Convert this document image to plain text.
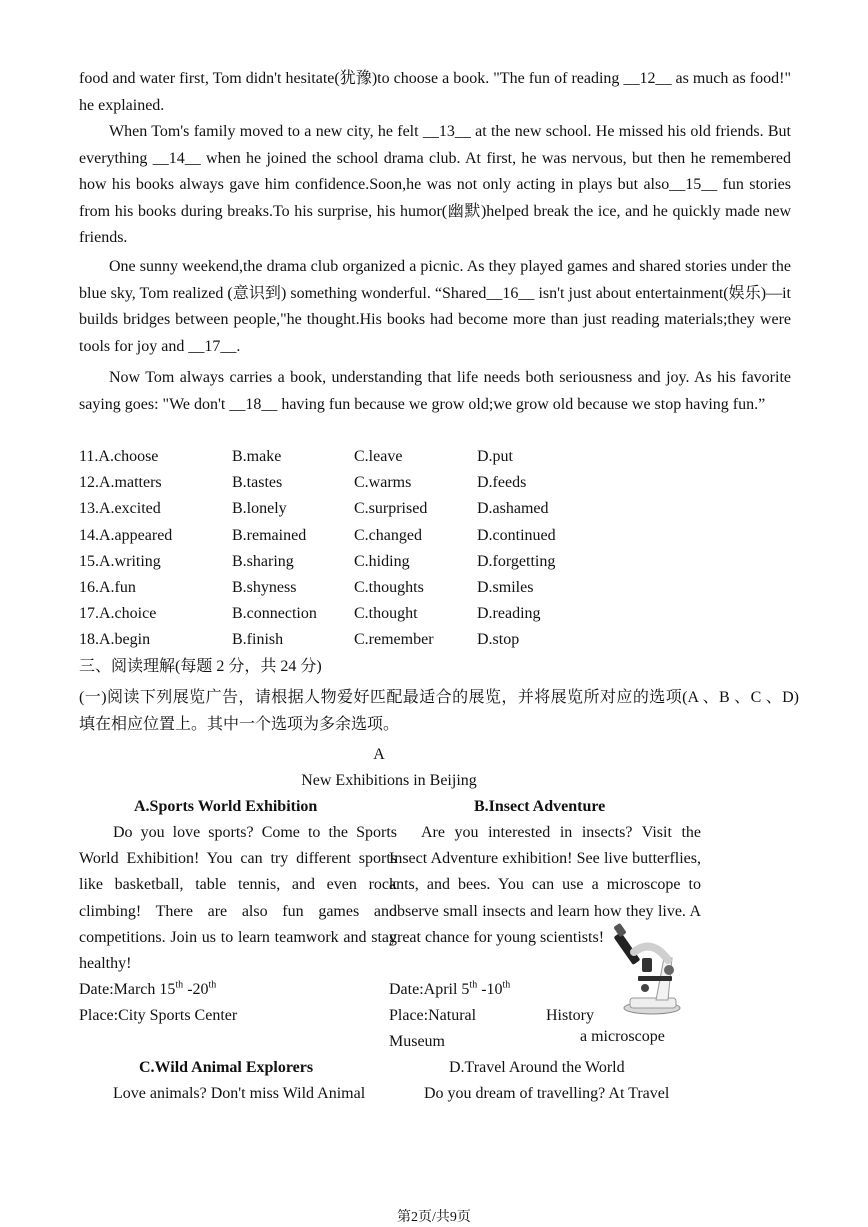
food and water first, Tom didn't hesitate(犹豫)to choose a book. "The fun of reading __12__ as much as food!" he explained.

When Tom's family moved to a new city, he felt __13__ at the new school. He missed his old friends. But everything __14__ when he joined the school drama club. At first, he was nervous, but then he remembered how his books always gave him confidence.Soon,he was not only acting in plays but also__15__ fun stories from his books during breaks.To his surprise, his humor(幽默)helped break the ice, and he quickly made new friends.

One sunny weekend,the drama club organized a picnic. As they played games and shared stories under the blue sky, Tom realized (意识到) something wonderful. “Shared__16__ isn't just about entertainment(娱乐)—it builds bridges between people,"he thought.His books had become more than just reading materials;they were tools for joy and __17__.

Now Tom always carries a book, understanding that life needs both seriousness and joy. As his favorite saying goes: "We don't __18__ having fun because we grow old;we grow old because we stop having fun.”

11.A.choose	B.make	C.leave	D.put
12.A.matters	B.tastes	C.warms	D.feeds
13.A.excited	B.lonely	C.surprised	D.ashamed
14.A.appeared	B.remained	C.changed	D.continued
15.A.writing	B.sharing	C.hiding	D.forgetting
16.A.fun	B.shyness	C.thoughts	D.smiles
17.A.choice	B.connection C.thought	D.reading
18.A.begin	B.finish	C.remember	D.stop

三、阅读理解(每题 2 分，共 24 分)

(一)阅读下列展览广告，请根据人物爱好匹配最适合的展览，并将展览所对应的选项(A 、B 、C 、D) 填在相应位置上。其中一个选项为多余选项。

A
New Exhibitions in Beijing
A.Sports World Exhibition	B.Insect Adventure
Do you love sports? Come to the Sports World Exhibition! You can try different sports like basketball, table tennis, and even rock climbing! There are also fun games and competitions. Join us to learn teamwork and stay healthy!
Are you interested in insects? Visit the Insect Adventure exhibition! See live butterflies, ants, and bees. You can use a microscope to observe small insects and learn how they live. A great chance for young scientists!
Date:March 15th -20th
Place:City Sports Center
Date:April 5th -10th
Place:Natural	History
Museum	a microscope
C.Wild Animal Explorers	D.Travel Around the World
Love animals? Don't miss Wild Animal	Do you dream of travelling? At Travel
第2页/共9页
